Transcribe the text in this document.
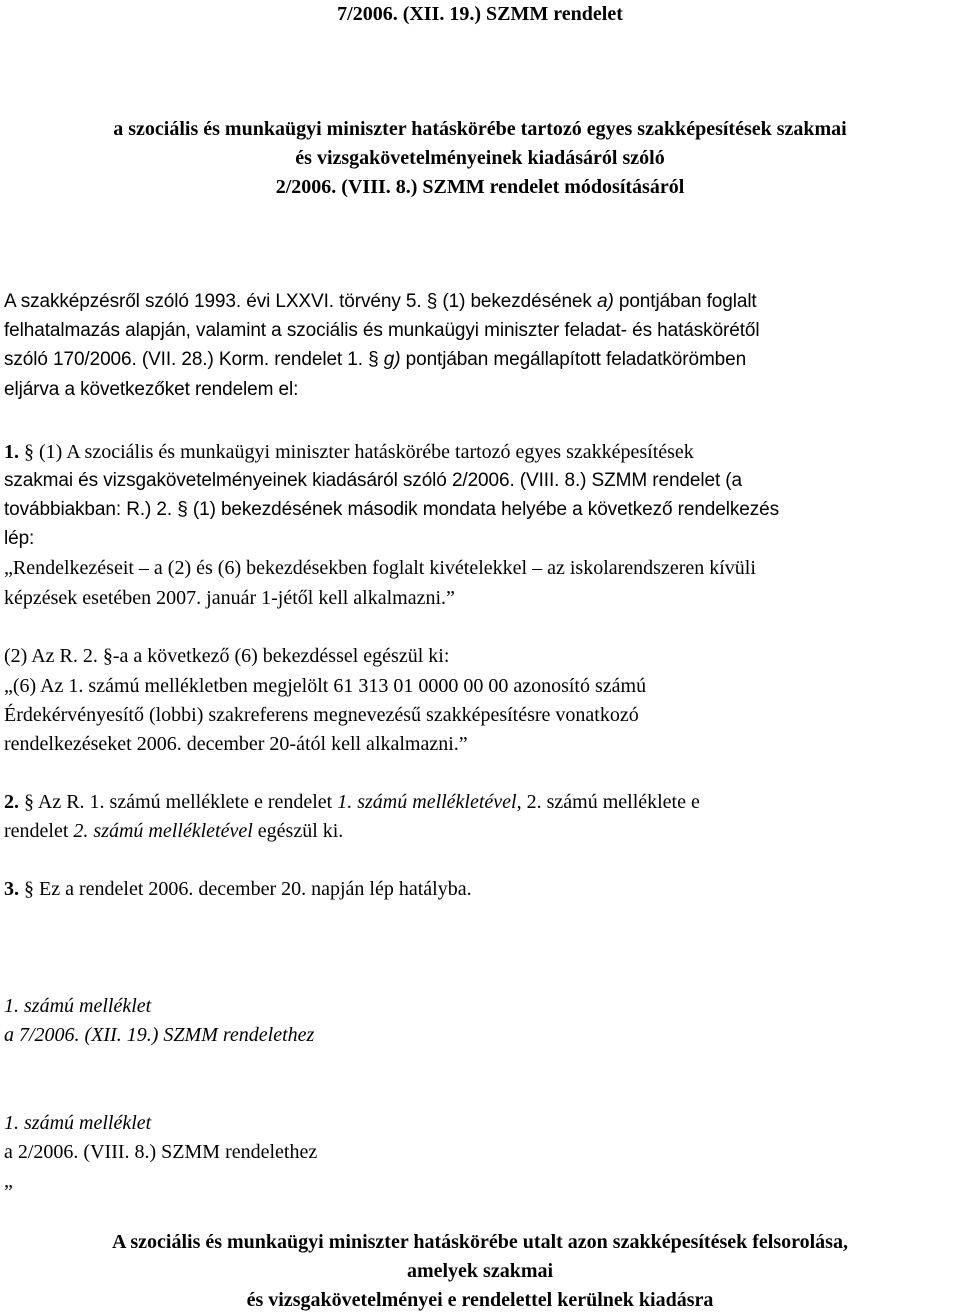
7/2006. (XII. 19.) SZMM rendelet
a szociális és munkaügyi miniszter hatáskörébe tartozó egyes szakképesítések szakmai
és vizsgakövetelményeinek kiadásáról szóló
2/2006. (VIII. 8.) SZMM rendelet módosításáról
A szakképzésről szóló 1993. évi LXXVI. törvény 5. § (1) bekezdésének a) pontjában foglalt
felhatalmazás alapján, valamint a szociális és munkaügyi miniszter feladat- és hatáskörétől
szóló 170/2006. (VII. 28.) Korm. rendelet 1. § g) pontjában megállapított feladatkörömben
eljárva a következőket rendelem el:
1. § (1) A szociális és munkaügyi miniszter hatáskörébe tartozó egyes szakképesítések
szakmai és vizsgakövetelményeinek kiadásáról szóló 2/2006. (VIII. 8.) SZMM rendelet (a
továbbiakban: R.) 2. § (1) bekezdésének második mondata helyébe a következő rendelkezés
lép:
„Rendelkezéseit – a (2) és (6) bekezdésekben foglalt kivételekkel – az iskolarendszeren kívüli
képzések esetében 2007. január 1-jétől kell alkalmazni.”
(2) Az R. 2. §-a a következő (6) bekezdéssel egészül ki:
„(6) Az 1. számú mellékletben megjelölt 61 313 01 0000 00 00 azonosító számú
Érdekérvényesítő (lobbi) szakreferens megnevezésű szakképesítésre vonatkozó
rendelkezéseket 2006. december 20-ától kell alkalmazni.”
2. § Az R. 1. számú melléklete e rendelet 1. számú mellékletével, 2. számú melléklete e
rendelet 2. számú mellékletével egészül ki.
3. § Ez a rendelet 2006. december 20. napján lép hatályba.
1. számú melléklet
a 7/2006. (XII. 19.) SZMM rendelethez
1. számú melléklet
a 2/2006. (VIII. 8.) SZMM rendelethez
„
A szociális és munkaügyi miniszter hatáskörébe utalt azon szakképesítések felsorolása,
amelyek szakmai
és vizsgakövetelményei e rendelettel kerülnek kiadásra
